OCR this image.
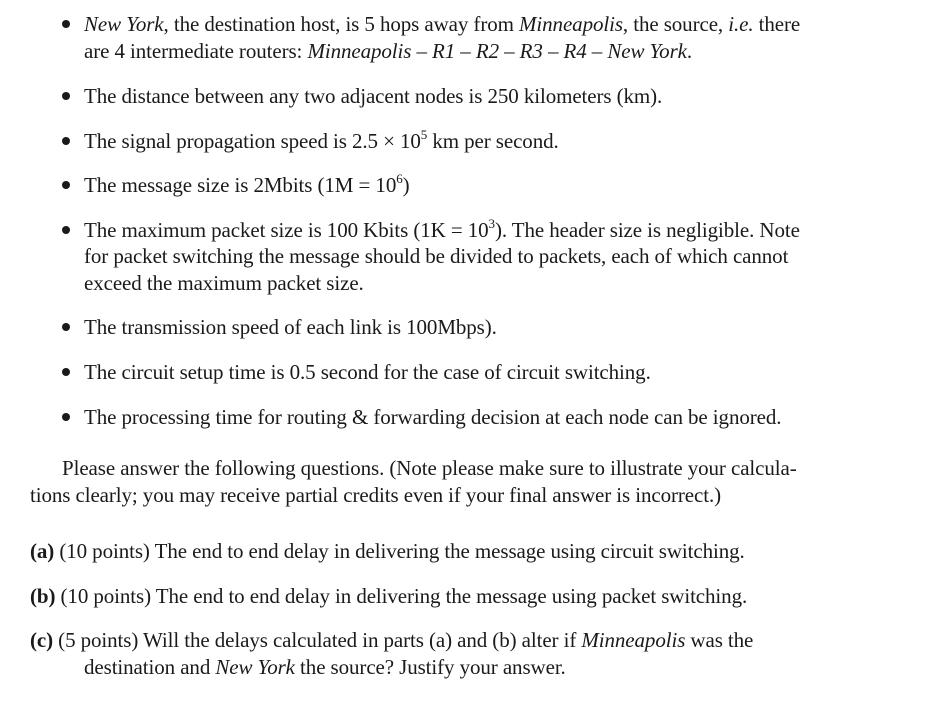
New York, the destination host, is 5 hops away from Minneapolis, the source, i.e. there
are 4 intermediate routers: Minneapolis – R1 – R2 – R3 – R4 – New York.
The distance between any two adjacent nodes is 250 kilometers (km).
The signal propagation speed is $2.5 \times 10^5$ km per second.
The message size is 2Mbits $(1M = 10^6)$
The maximum packet size is 100 Kbits $(1K = 10^3)$. The header size is negligible. Note
for packet switching the message should be divided to packets, each of which cannot
exceed the maximum packet size.
The transmission speed of each link is 100Mbps).
The circuit setup time is 0.5 second for the case of circuit switching.
The processing time for routing & forwarding decision at each node can be ignored.
Please answer the following questions. (Note please make sure to illustrate your calcula-
tions clearly; you may receive partial credits even if your final answer is incorrect.)
(a) (10 points) The end to end delay in delivering the message using circuit switching.
(b) (10 points) The end to end delay in delivering the message using packet switching.
(c) (5 points) Will the delays calculated in parts (a) and (b) alter if Minneapolis was the
destination and New York the source? Justify your answer.
